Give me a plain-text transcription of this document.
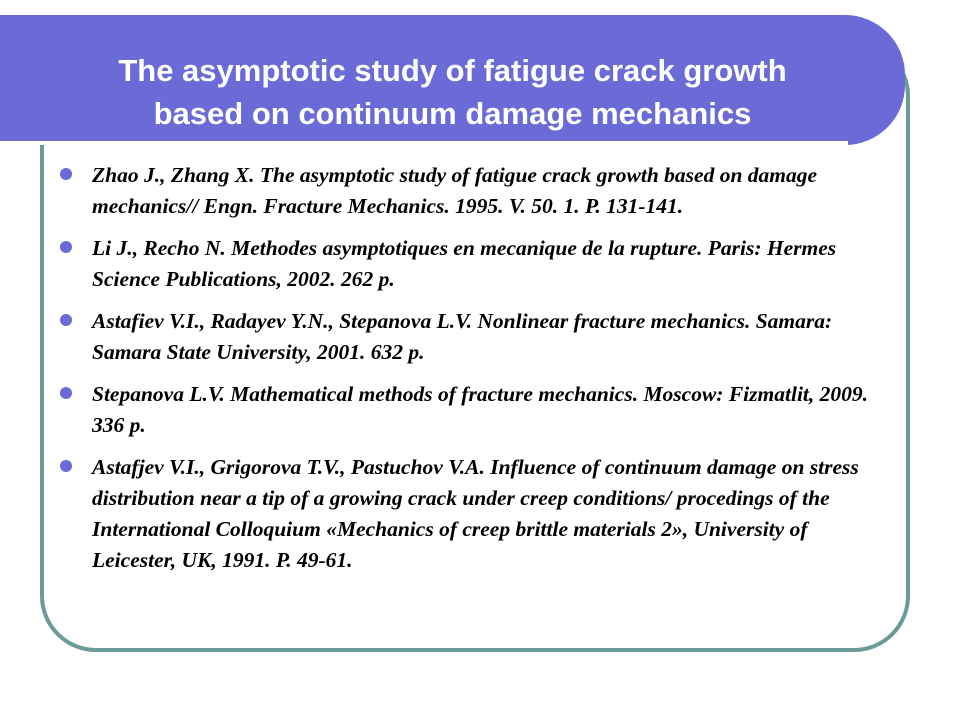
The asymptotic study of fatigue crack growth
based on continuum damage mechanics
Zhao J., Zhang X. The asymptotic study of fatigue crack growth based on damage mechanics// Engn. Fracture Mechanics. 1995. V. 50. 1. P. 131-141.
Li J., Recho N. Methodes asymptotiques en mecanique de la rupture. Paris: Hermes Science Publications, 2002. 262 p.
Astafiev V.I., Radayev Y.N., Stepanova L.V. Nonlinear fracture mechanics. Samara: Samara State University, 2001. 632 p.
Stepanova L.V. Mathematical methods of fracture mechanics. Moscow: Fizmatlit, 2009. 336 p.
Astafjev V.I., Grigorova T.V., Pastuchov V.A. Influence of continuum damage on stress distribution near a tip of a growing crack under creep conditions/ procedings of the International Colloquium «Mechanics of creep brittle materials 2», University of Leicester, UK, 1991. P. 49-61.
